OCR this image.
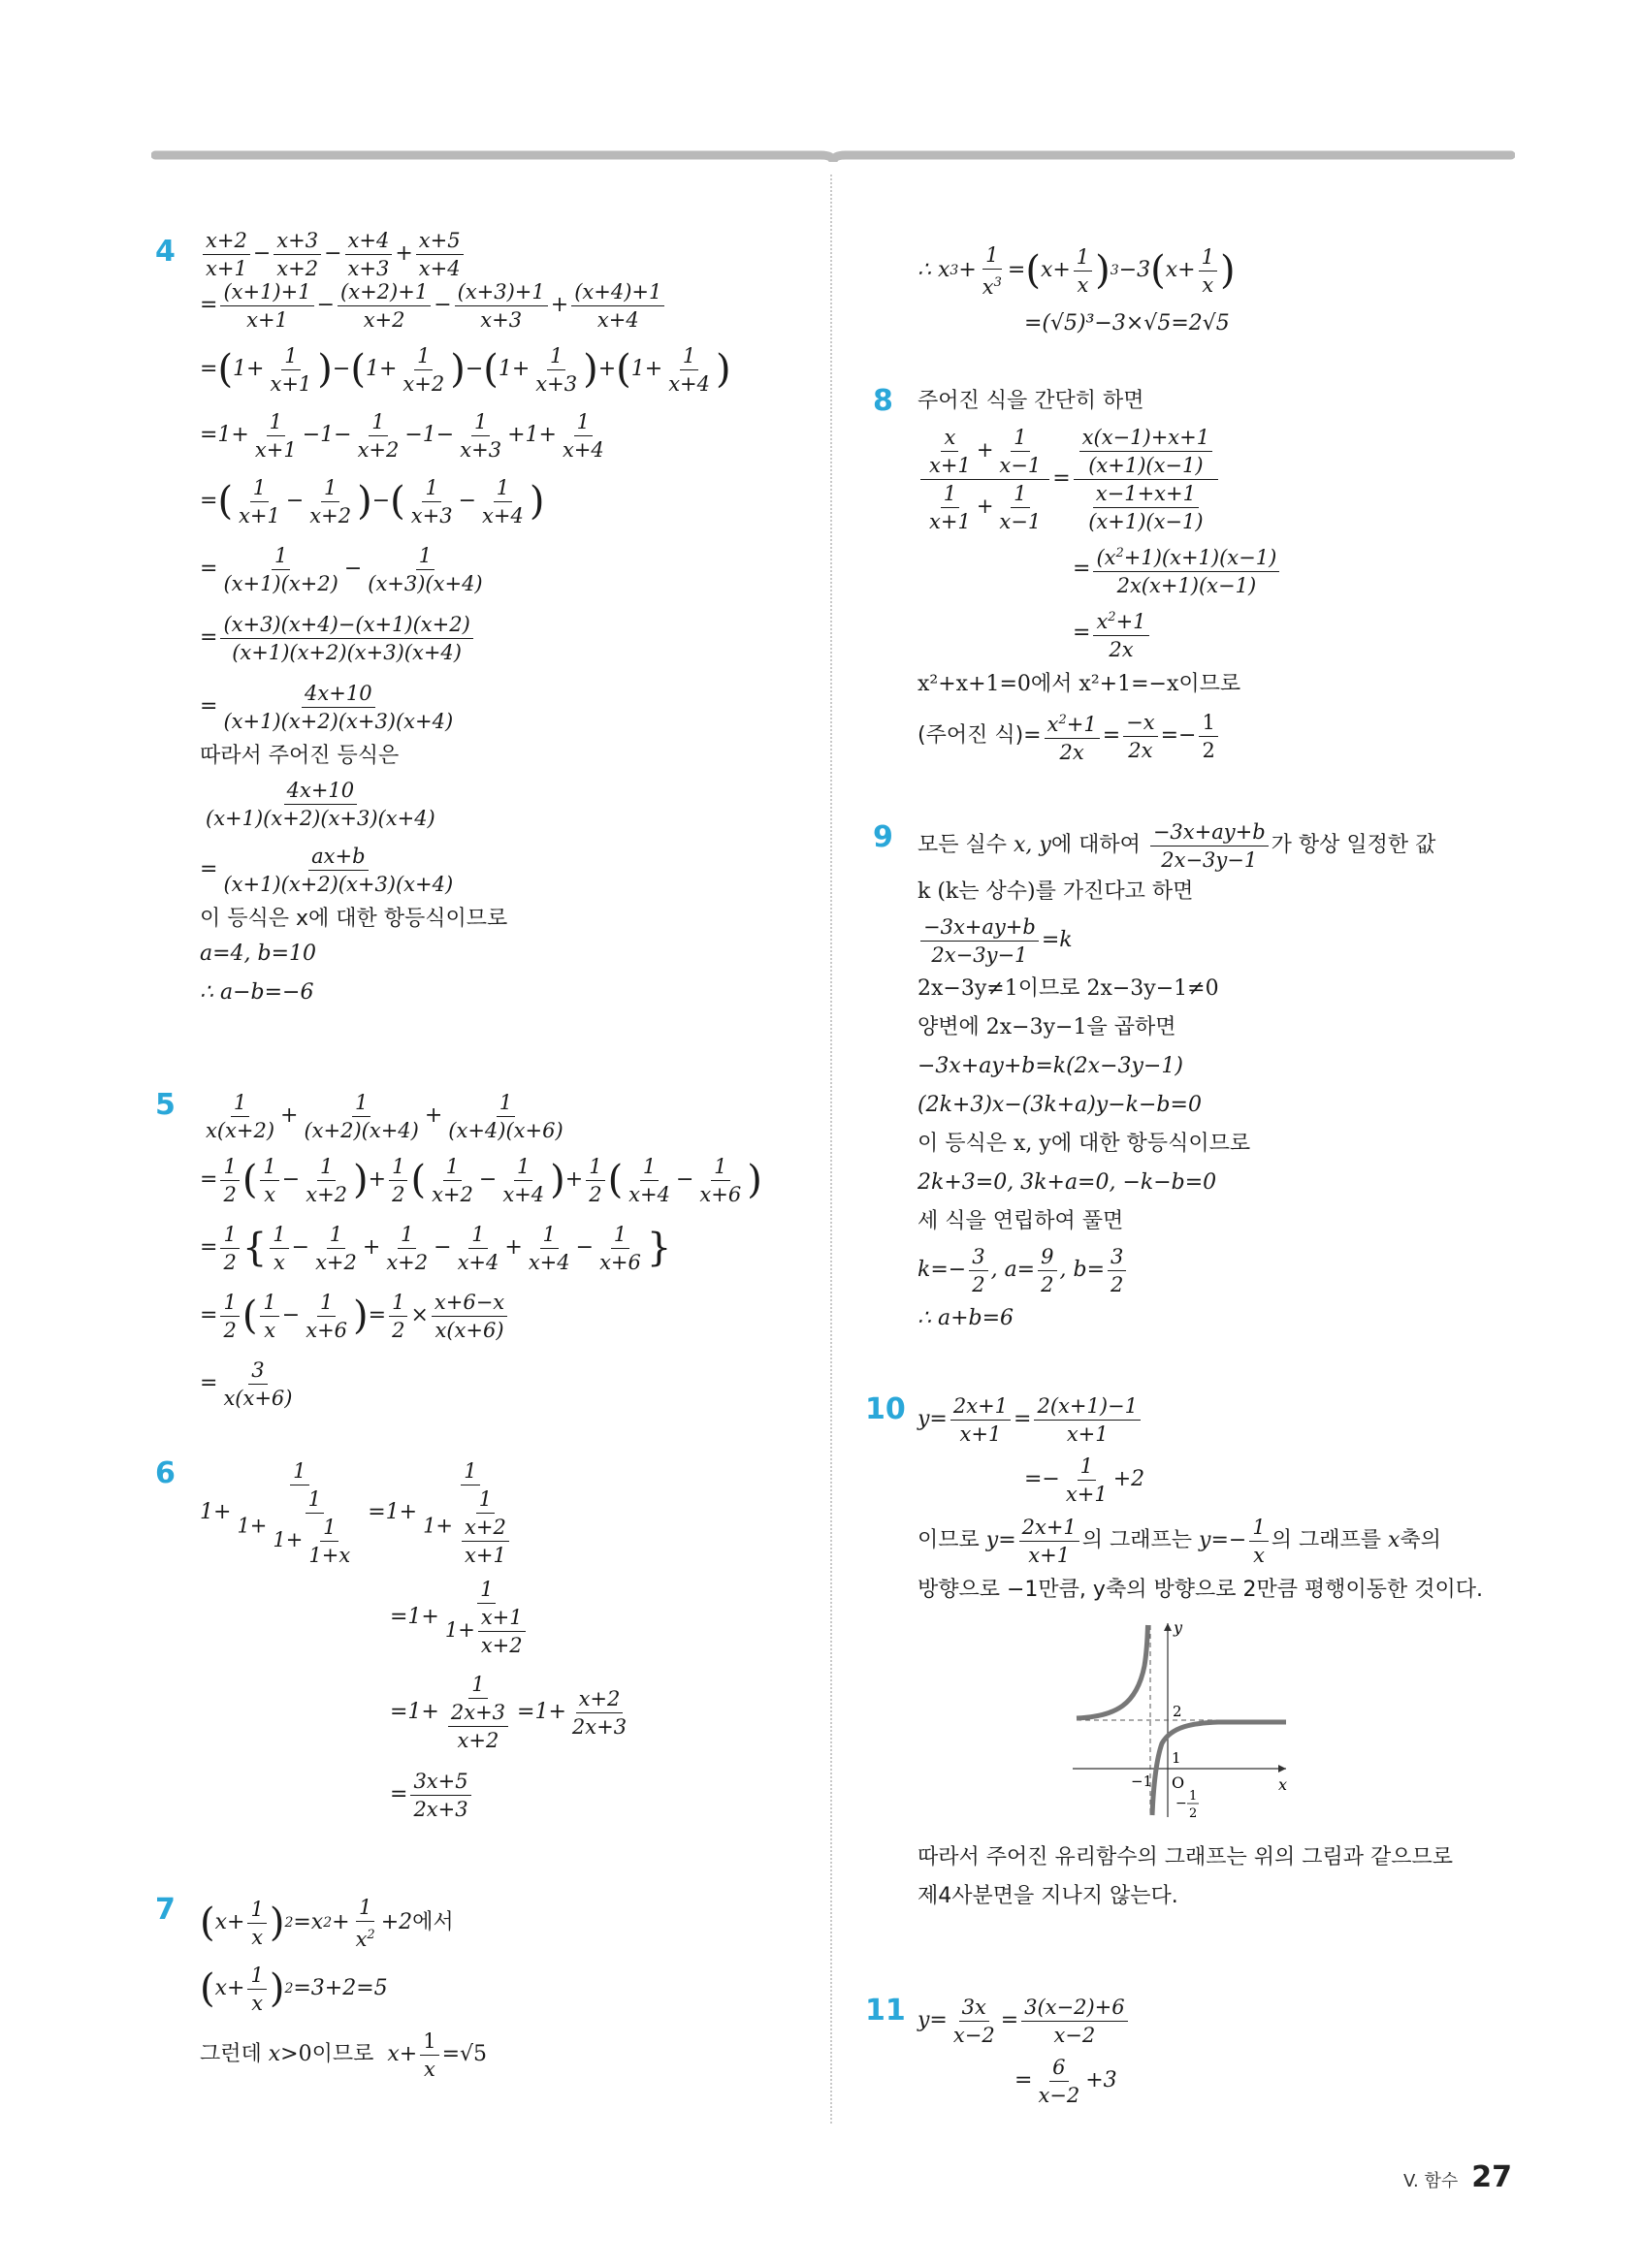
$4 \frac{x+2}{x+1} - \frac{x+3}{x+2} - \frac{x+4}{x+3} + \frac{x+5}{x+4}$
= $\frac{(x+1)+1}{x+1} - \frac{(x+2)+1}{x+2} - \frac{(x+3)+1}{x+3} + \frac{(x+4)+1}{x+4}$
= ( $1+ \frac{1}{x+1}$ ) − ( $1+ \frac{1}{x+2}$ ) − ( $1+ \frac{1}{x+3}$ ) + ( $1+ \frac{1}{x+4}$ )
$=1+ \frac{1}{x+1} -1- \frac{1}{x+2} -1- \frac{1}{x+3} +1+ \frac{1}{x+4}$
= ( $\frac{1}{x+1} - \frac{1}{x+2}$ ) − ( $\frac{1}{x+3} - \frac{1}{x+4}$ )
= $\frac{1}{(x+1)(x+2)} - \frac{1}{(x+3)(x+4)}$
= $\frac{(x+3)(x+4)-(x+1)(x+2)}{(x+1)(x+2)(x+3)(x+4)}$
= $\frac{4x+10}{(x+1)(x+2)(x+3)(x+4)}$
따라서 주어진 등식은
$\frac{4x+10}{(x+1)(x+2)(x+3)(x+4)}$
= $\frac{ax+b}{(x+1)(x+2)(x+3)(x+4)}$
이 등식은 x에 대한 항등식이므로
a=4, b=10
∴ a−b=−6
$5 \frac{1}{x(x+2)} + \frac{1}{(x+2)(x+4)} + \frac{1}{(x+4)(x+6)}$
= $\frac{1}{2}$ ( $\frac{1}{x} - \frac{1}{x+2}$ ) + $\frac{1}{2}$ ( $\frac{1}{x+2} - \frac{1}{x+4}$ ) + $\frac{1}{2}$ ( $\frac{1}{x+4} - \frac{1}{x+6}$ )
= $\frac{1}{2}$ { $\frac{1}{x} - \frac{1}{x+2} + \frac{1}{x+2} - \frac{1}{x+4} + \frac{1}{x+4} - \frac{1}{x+6}$ }
= $\frac{1}{2}$ ( $\frac{1}{x} - \frac{1}{x+6}$ ) = $\frac{1}{2} \times \frac{x+6-x}{x(x+6)}$
= $\frac{3}{x(x+6)}$
6
$1+ \frac{1}{1+ \frac{1}{1+ \frac{1}{1+x}}} =1+ \frac{1}{1+ \frac{1}{\frac{x+2}{x+1}}}$
$=1+ \frac{1}{1+ \frac{x+1}{x+2}}$
$=1+ \frac{1}{\frac{2x+3}{x+2}} =1+ \frac{x+2}{2x+3}$
= $\frac{3x+5}{2x+3}$
7 ( $x+ \frac{1}{x}$ ) 2 =x $2 + \frac{1}{x^2} +2$ 에서
( $x+ \frac{1}{x}$ ) 2 =3+2=5
그런데 x >0 이므로 $x + \frac{1}{x} =√5$
∴ x $3 + \frac{1}{x^3}$ = ( $x+ \frac{1}{x}$ ) 3 −3 ( $x+ \frac{1}{x}$ )
=(√5)³−3×√5=2√5
8 주어진 식을 간단히 하면
$\frac{\frac{x}{x+1} + \frac{1}{x-1}}{\frac{1}{x+1} + \frac{1}{x-1}} = \frac{\frac{x(x-1)+x+1}{(x+1)(x-1)}}{\frac{x-1+x+1}{(x+1)(x-1)}}$
= $\frac{(x^2+1)(x+1)(x-1)}{2x(x+1)(x-1)}$
= $\frac{x^2+1}{2x}$
x²+x+1=0에서 x²+1=−x이므로
(주어진 식) = $\frac{x^2+1}{2x} = \frac{-x}{2x} =- \frac{1}{2}$
9 모든 실수 x, y 에 대하여 $\frac{-3x+ay+b}{2x-3y-1}$ 가 항상 일정한 값
k (k는 상수)를 가진다고 하면
$\frac{-3x+ay+b}{2x-3y-1} =k$
2x−3y≠1이므로 2x−3y−1≠0
양변에 2x−3y−1을 곱하면
−3x+ay+b=k(2x−3y−1)
(2k+3)x−(3k+a)y−k−b=0
이 등식은 x, y에 대한 항등식이므로
2k+3=0, 3k+a=0, −k−b=0
세 식을 연립하여 풀면
$k=- \frac{3}{2}$ , $a= \frac{9}{2}$ , $b= \frac{3}{2}$
∴ a+b=6
10 $y= \frac{2x+1}{x+1} = \frac{2(x+1)-1}{x+1}$
=− $\frac{1}{x+1} +2$
이므로 $y = \frac{2x+1}{x+1}$ 의 그래프는 $y =- \frac{1}{x}$ 의 그래프를 x 축의
방향으로 −1만큼, y축의 방향으로 2만큼 평행이동한 것이다.
y
x
2
1
−1 O
− 1
2
따라서 주어진 유리함수의 그래프는 위의 그림과 같으므로
제4사분면을 지나지 않는다.
11 $y= \frac{3x}{x-2} = \frac{3(x-2)+6}{x-2}$
= $\frac{6}{x-2} +3$
V. 함수 27
